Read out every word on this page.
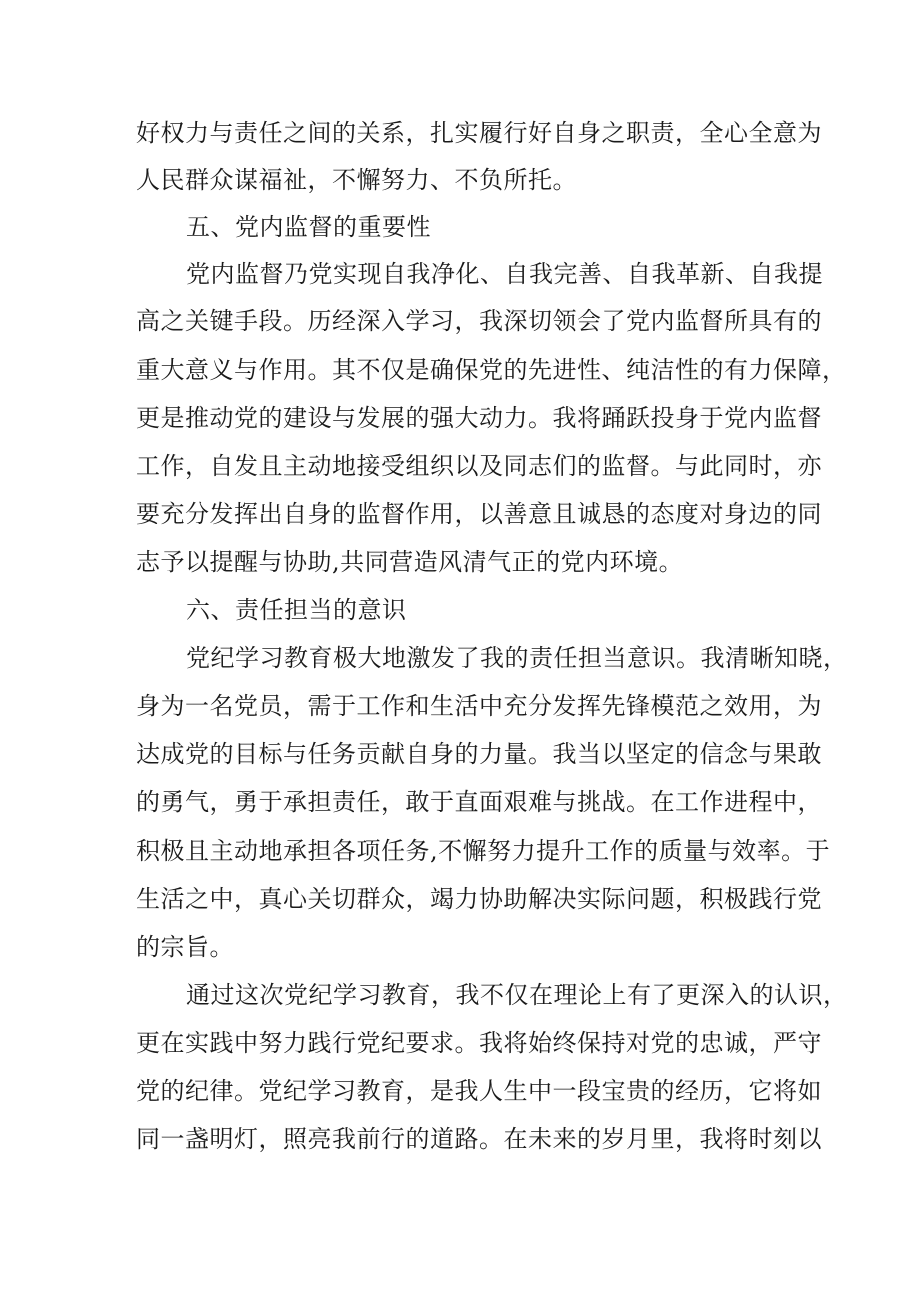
好权力与责任之间的关系，扎实履行好自身之职责，全心全意为
人民群众谋福祉，不懈努力、不负所托。
五、党内监督的重要性
党内监督乃党实现自我净化、自我完善、自我革新、自我提
高之关键手段。历经深入学习，我深切领会了党内监督所具有的
重大意义与作用。其不仅是确保党的先进性、纯洁性的有力保障，
更是推动党的建设与发展的强大动力。我将踊跃投身于党内监督
工作，自发且主动地接受组织以及同志们的监督。与此同时，亦
要充分发挥出自身的监督作用，以善意且诚恳的态度对身边的同
志予以提醒与协助,共同营造风清气正的党内环境。
六、责任担当的意识
党纪学习教育极大地激发了我的责任担当意识。我清晰知晓，
身为一名党员，需于工作和生活中充分发挥先锋模范之效用，为
达成党的目标与任务贡献自身的力量。我当以坚定的信念与果敢
的勇气，勇于承担责任，敢于直面艰难与挑战。在工作进程中，
积极且主动地承担各项任务,不懈努力提升工作的质量与效率。于
生活之中，真心关切群众，竭力协助解决实际问题，积极践行党
的宗旨。
通过这次党纪学习教育，我不仅在理论上有了更深入的认识，
更在实践中努力践行党纪要求。我将始终保持对党的忠诚，严守
党的纪律。党纪学习教育，是我人生中一段宝贵的经历，它将如
同一盏明灯，照亮我前行的道路。在未来的岁月里，我将时刻以
